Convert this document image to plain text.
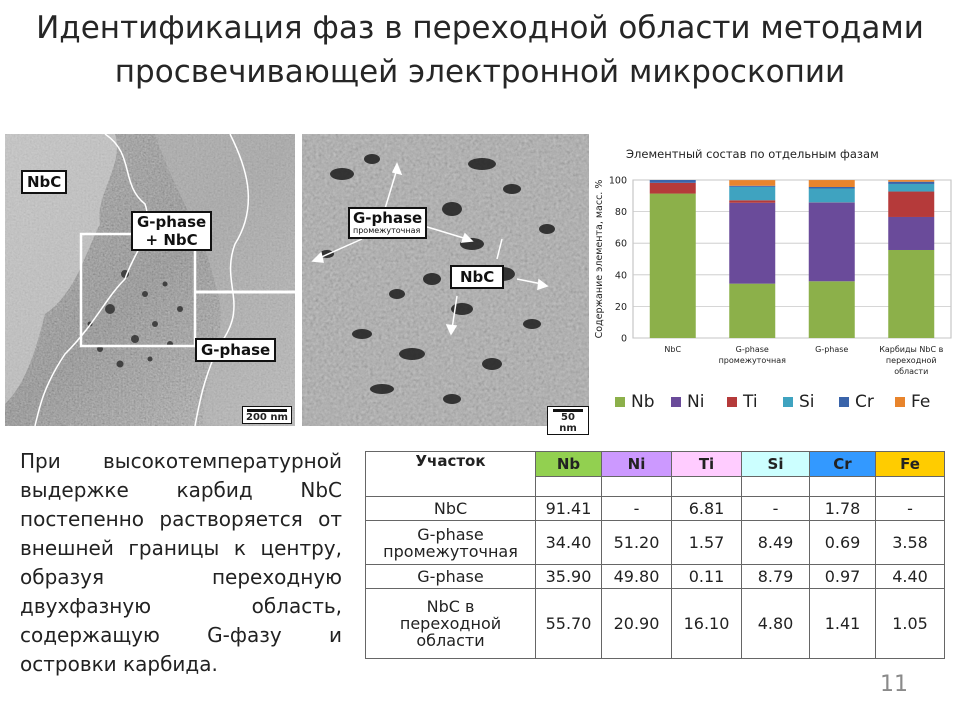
Идентификация фаз в переходной области методами
просвечивающей электронной микроскопии
NbC
G-phase
+ NbC
G-phase
200 nm
G-phase
промежуточная
NbC
50 nm
Элементный состав по отдельным фазам
0
20
40
60
80
100
Содержание элемента, масс. %
NbC	G-phase
промежуточная
G-phase	Карбиды NbC в
переходной
области
Nb Ni Ti Si Cr Fe
При высокотемпературной выдержке карбид NbC постепенно растворяется от внешней границы к центру, образуя переходную двухфазную область, содержащую G-фазу и островки карбида.
Участок	Nb	Ni	Ti	Si	Cr	Fe

NbC	91.41	-	6.81	-	1.78	-

G-phase
промежуточная	34.40	51.20	1.57	8.49	0.69	3.58

G-phase	35.90	49.80	0.11	8.79	0.97	4.40

NbC в
переходной
области	55.70	20.90	16.10	4.80	1.41	1.05
11
